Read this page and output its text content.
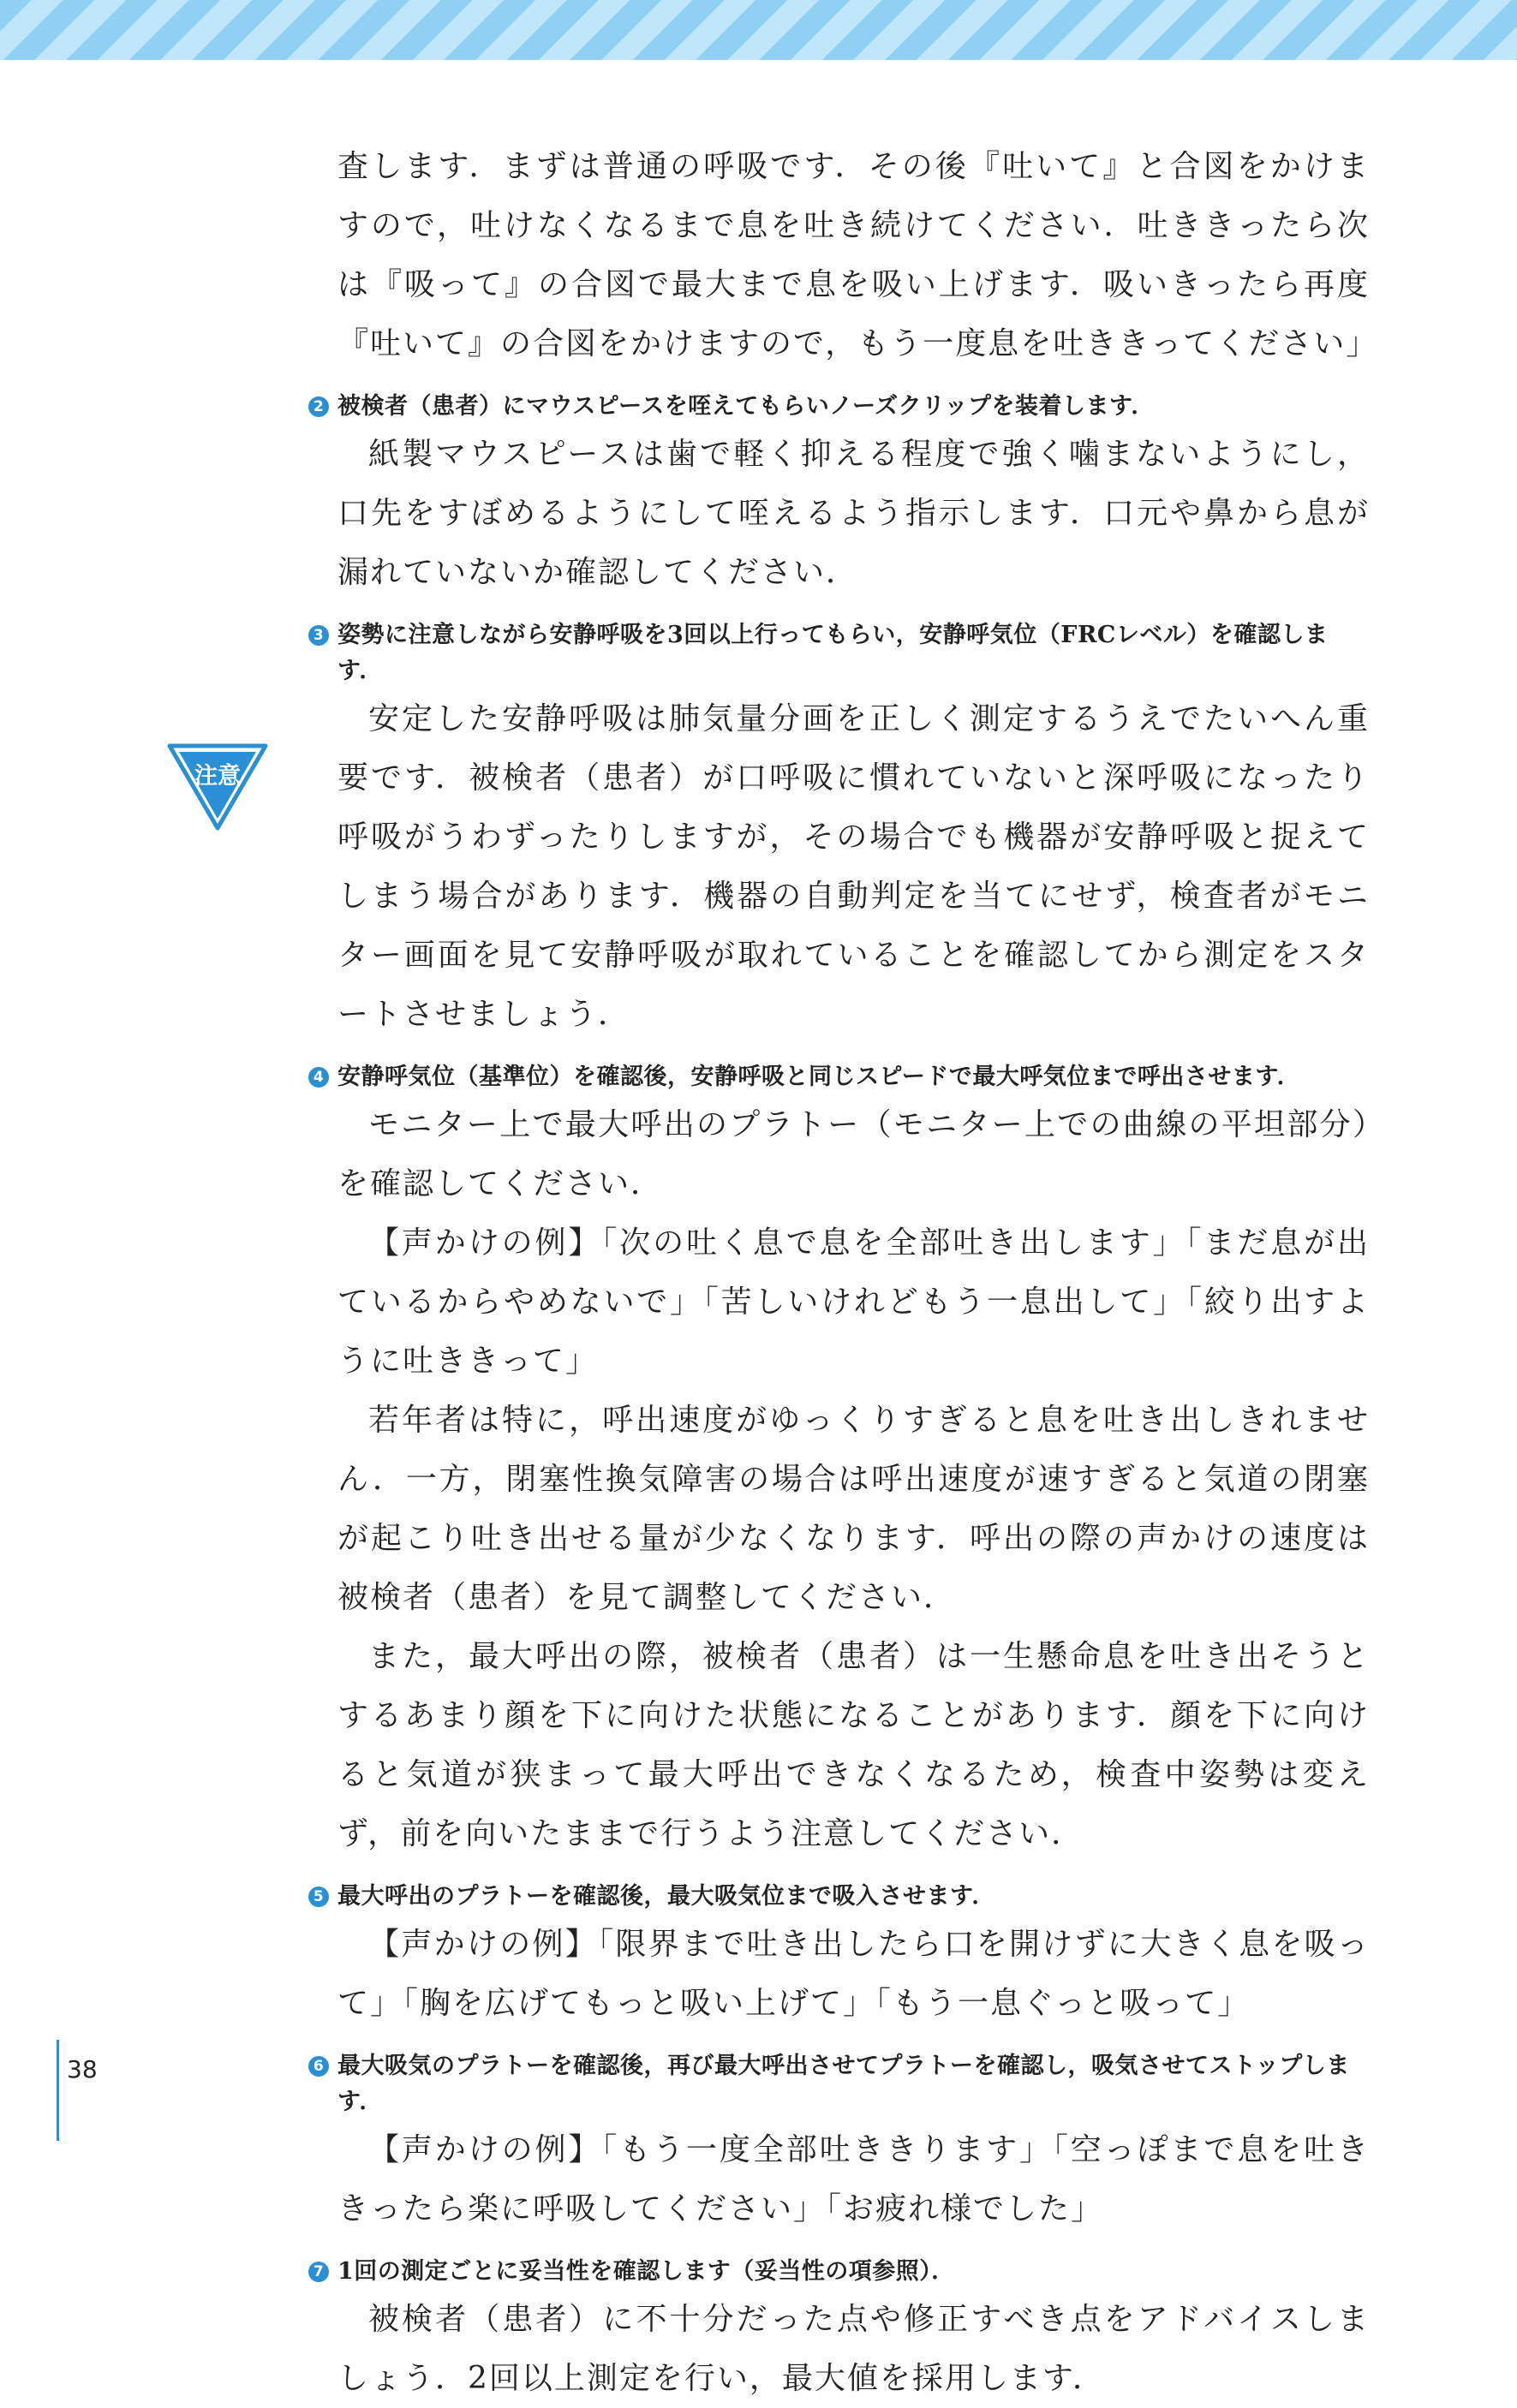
注意

査します．まずは普通の呼吸です．その後『吐いて』と合図をかけますので，吐けなくなるまで息を吐き続けてください．吐ききったら次は『吸って』の合図で最大まで息を吸い上げます．吸いきったら再度『吐いて』の合図をかけますので，もう一度息を吐ききってください」

2 被検者（患者）にマウスピースを咥えてもらいノーズクリップを装着します．

紙製マウスピースは歯で軽く抑える程度で強く噛まないようにし，口先をすぼめるようにして咥えるよう指示します．口元や鼻から息が漏れていないか確認してください．

3 姿勢に注意しながら安静呼吸を3回以上行ってもらい，安静呼気位（FRCレベル）を確認します．

安定した安静呼吸は肺気量分画を正しく測定するうえでたいへん重要です．被検者（患者）が口呼吸に慣れていないと深呼吸になったり呼吸がうわずったりしますが，その場合でも機器が安静呼吸と捉えてしまう場合があります．機器の自動判定を当てにせず，検査者がモニター画面を見て安静呼吸が取れていることを確認してから測定をスタートさせましょう．

4 安静呼気位（基準位）を確認後，安静呼吸と同じスピードで最大呼気位まで呼出させます．

モニター上で最大呼出のプラトー（モニター上での曲線の平坦部分）を確認してください．

【声かけの例】「次の吐く息で息を全部吐き出します」「まだ息が出ているからやめないで」「苦しいけれどもう一息出して」「絞り出すように吐ききって」

若年者は特に，呼出速度がゆっくりすぎると息を吐き出しきれません．一方，閉塞性換気障害の場合は呼出速度が速すぎると気道の閉塞が起こり吐き出せる量が少なくなります．呼出の際の声かけの速度は被検者（患者）を見て調整してください．

また，最大呼出の際，被検者（患者）は一生懸命息を吐き出そうとするあまり顔を下に向けた状態になることがあります．顔を下に向けると気道が狭まって最大呼出できなくなるため，検査中姿勢は変えず，前を向いたままで行うよう注意してください．

5 最大呼出のプラトーを確認後，最大吸気位まで吸入させます．

【声かけの例】「限界まで吐き出したら口を開けずに大きく息を吸って」「胸を広げてもっと吸い上げて」「もう一息ぐっと吸って」

6 最大吸気のプラトーを確認後，再び最大呼出させてプラトーを確認し，吸気させてストップします．

【声かけの例】「もう一度全部吐ききります」「空っぽまで息を吐ききったら楽に呼吸してください」「お疲れ様でした」

7 1回の測定ごとに妥当性を確認します（妥当性の項参照）．

被検者（患者）に不十分だった点や修正すべき点をアドバイスしましょう．2回以上測定を行い，最大値を採用します．

38
